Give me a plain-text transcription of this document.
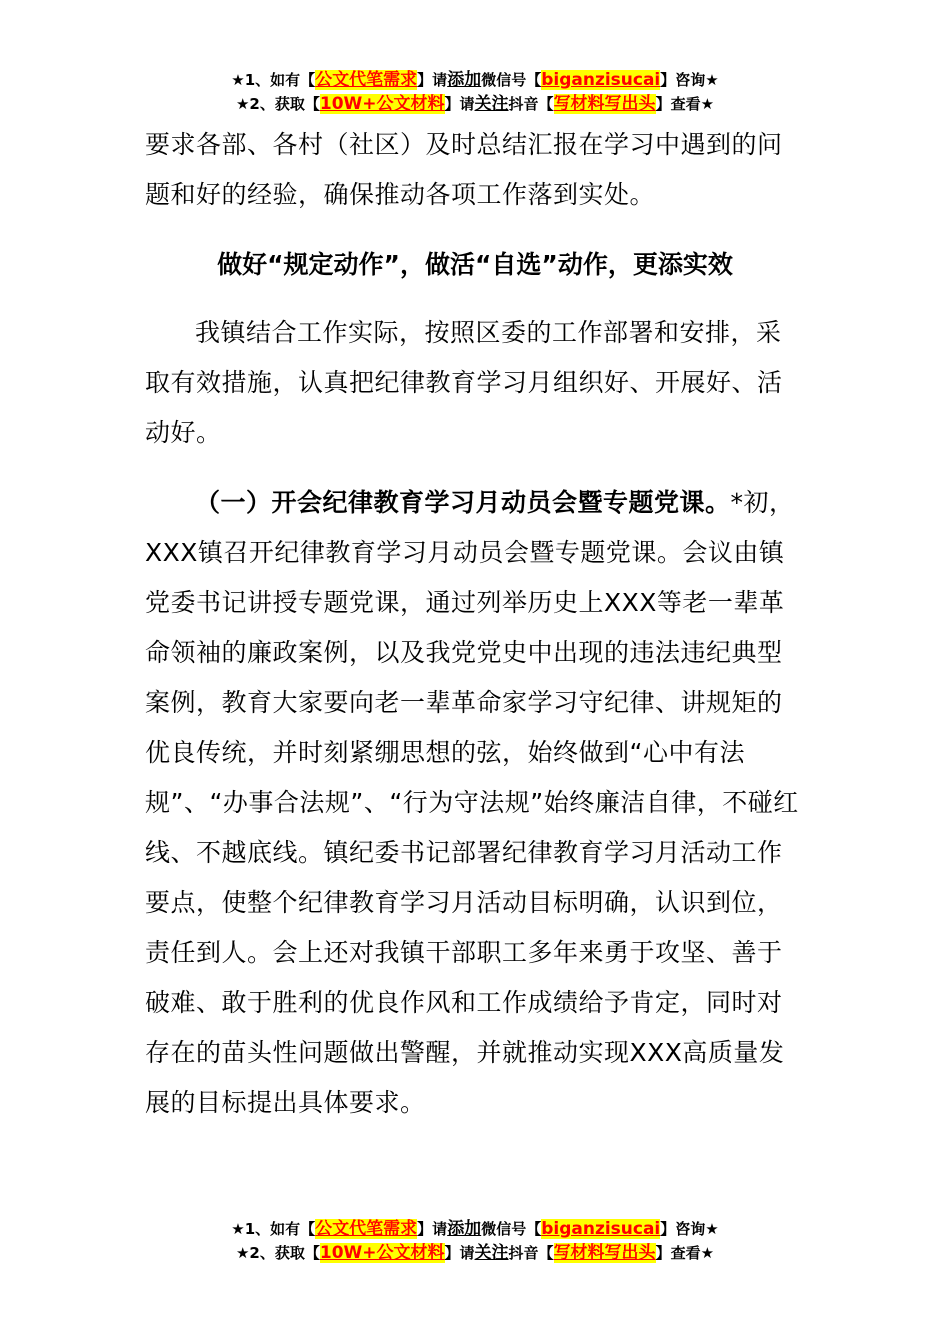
★1、如有【公文代笔需求】请添加微信号【biganzisucai】咨询★
★2、获取【10W+公文材料】请关注抖音【写材料写出头】查看★

要求各部、各村（社区）及时总结汇报在学习中遇到的问题和好的经验，确保推动各项工作落到实处。

做好“规定动作”，做活“自选”动作，更添实效

我镇结合工作实际，按照区委的工作部署和安排，采取有效措施，认真把纪律教育学习月组织好、开展好、活动好。

（一）开会纪律教育学习月动员会暨专题党课。*初，XXX镇召开纪律教育学习月动员会暨专题党课。会议由镇党委书记讲授专题党课，通过列举历史上XXX等老一辈革命领袖的廉政案例，以及我党党史中出现的违法违纪典型案例，教育大家要向老一辈革命家学习守纪律、讲规矩的优良传统，并时刻紧绷思想的弦，始终做到“心中有法规”、“办事合法规”、“行为守法规”始终廉洁自律，不碰红线、不越底线。镇纪委书记部署纪律教育学习月活动工作要点，使整个纪律教育学习月活动目标明确，认识到位，责任到人。会上还对我镇干部职工多年来勇于攻坚、善于破难、敢于胜利的优良作风和工作成绩给予肯定，同时对存在的苗头性问题做出警醒，并就推动实现XXX高质量发展的目标提出具体要求。

★1、如有【公文代笔需求】请添加微信号【biganzisucai】咨询★
★2、获取【10W+公文材料】请关注抖音【写材料写出头】查看★
